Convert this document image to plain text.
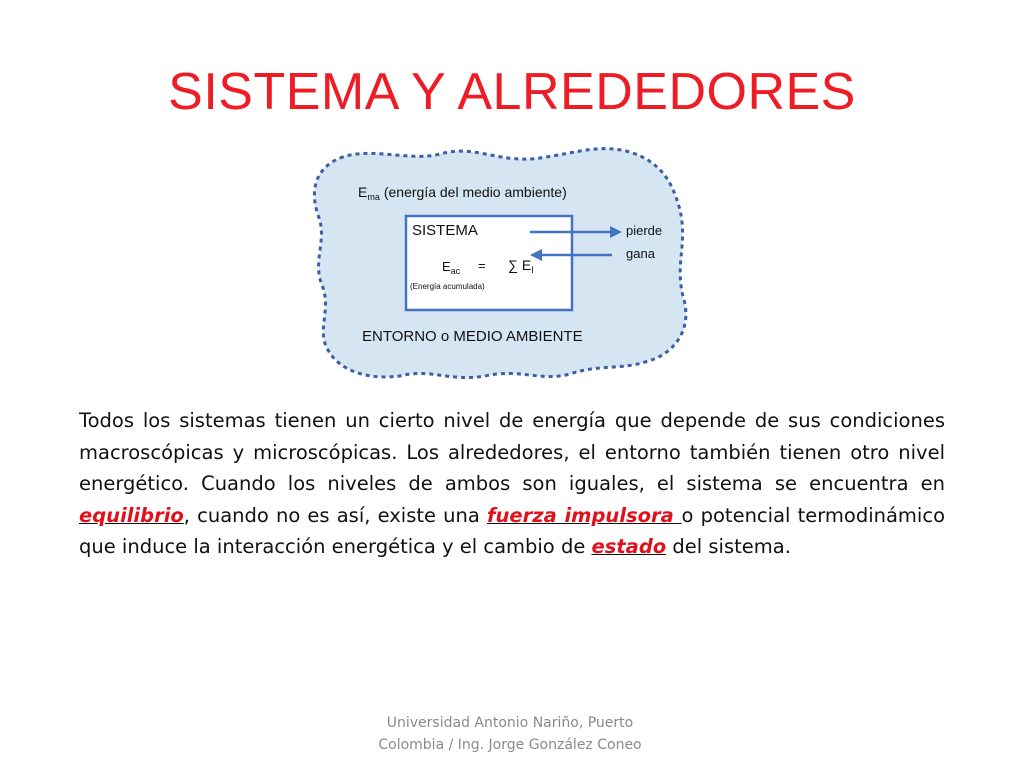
SISTEMA Y ALREDEDORES
$E_{ma}$ (energía del medio ambiente)
SISTEMA
$E_{ac}$ = ∑ $E_I$
(Energía acumulada)
pierde
gana
ENTORNO o MEDIO AMBIENTE
Todos los sistemas tienen un cierto nivel de energía que depende de sus condiciones macroscópicas y microscópicas. Los alrededores, el entorno también tienen otro nivel energético. Cuando los niveles de ambos son iguales, el sistema se encuentra en equilibrio, cuando no es así, existe una fuerza impulsora o potencial termodinámico que induce la interacción energética y el cambio de estado del sistema.
Universidad Antonio Nariño, Puerto
Colombia / Ing. Jorge González Coneo
